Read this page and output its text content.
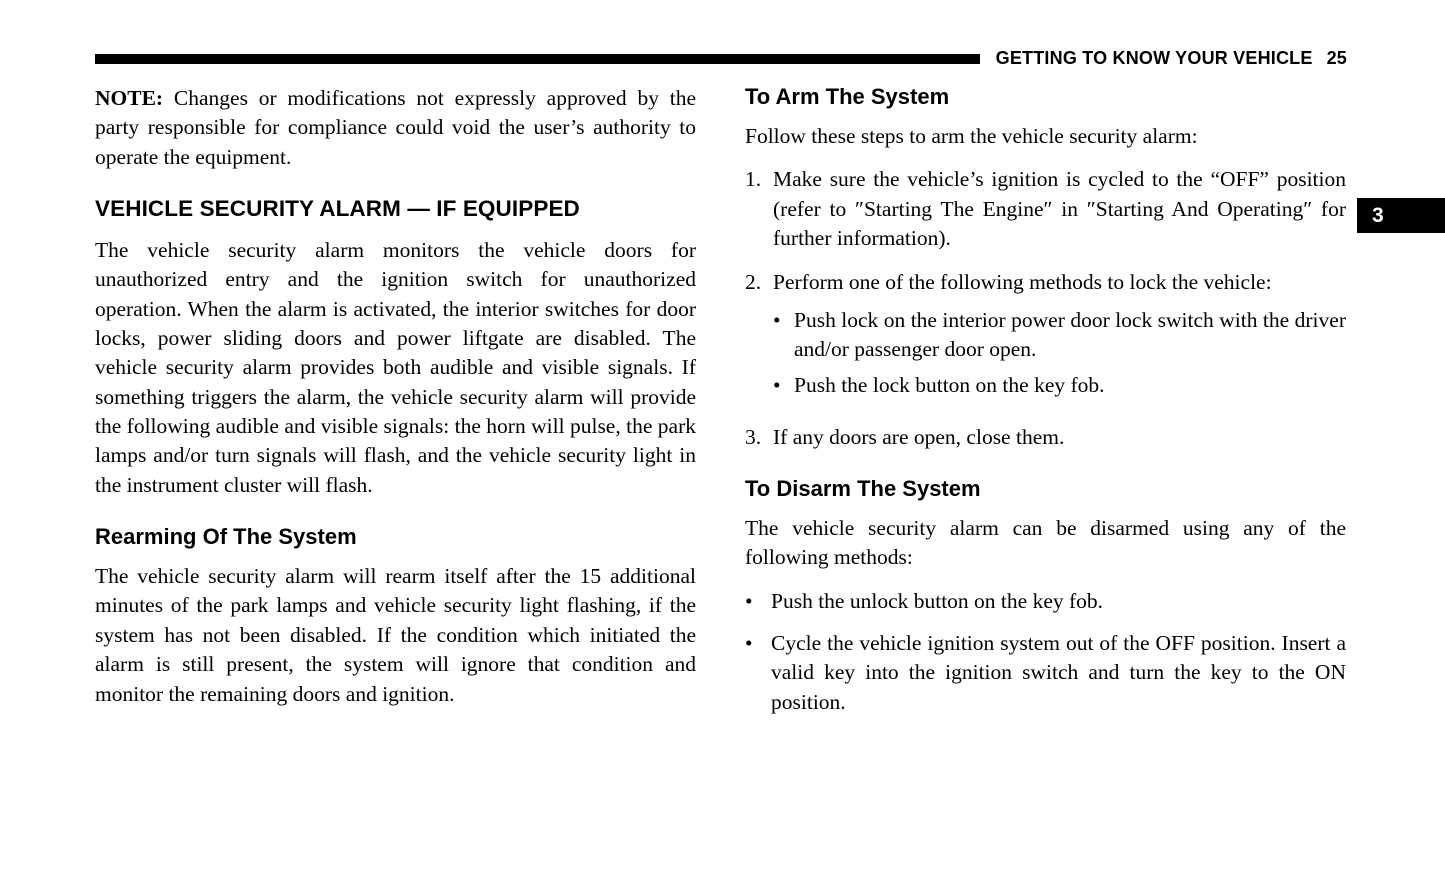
GETTING TO KNOW YOUR VEHICLE 25
3

NOTE: Changes or modifications not expressly approved by the party responsible for compliance could void the user’s authority to operate the equipment.

VEHICLE SECURITY ALARM — IF EQUIPPED

The vehicle security alarm monitors the vehicle doors for unauthorized entry and the ignition switch for unauthorized operation. When the alarm is activated, the interior switches for door locks, power sliding doors and power liftgate are disabled. The vehicle security alarm provides both audible and visible signals. If something triggers the alarm, the vehicle security alarm will provide the following audible and visible signals: the horn will pulse, the park lamps and/or turn signals will flash, and the vehicle security light in the instrument cluster will flash.

Rearming Of The System

The vehicle security alarm will rearm itself after the 15 additional minutes of the park lamps and vehicle security light flashing, if the system has not been disabled. If the condition which initiated the alarm is still present, the system will ignore that condition and monitor the remaining doors and ignition.

To Arm The System

Follow these steps to arm the vehicle security alarm:

1. Make sure the vehicle’s ignition is cycled to the “OFF” position (refer to ″Starting The Engine″ in ″Starting And Operating″ for further information).
2. Perform one of the following methods to lock the vehicle:
• Push lock on the interior power door lock switch with the driver and/or passenger door open.
• Push the lock button on the key fob.
3. If any doors are open, close them.
To Disarm The System

The vehicle security alarm can be disarmed using any of the following methods:

• Push the unlock button on the key fob.
• Cycle the vehicle ignition system out of the OFF position. Insert a valid key into the ignition switch and turn the key to the ON position.
